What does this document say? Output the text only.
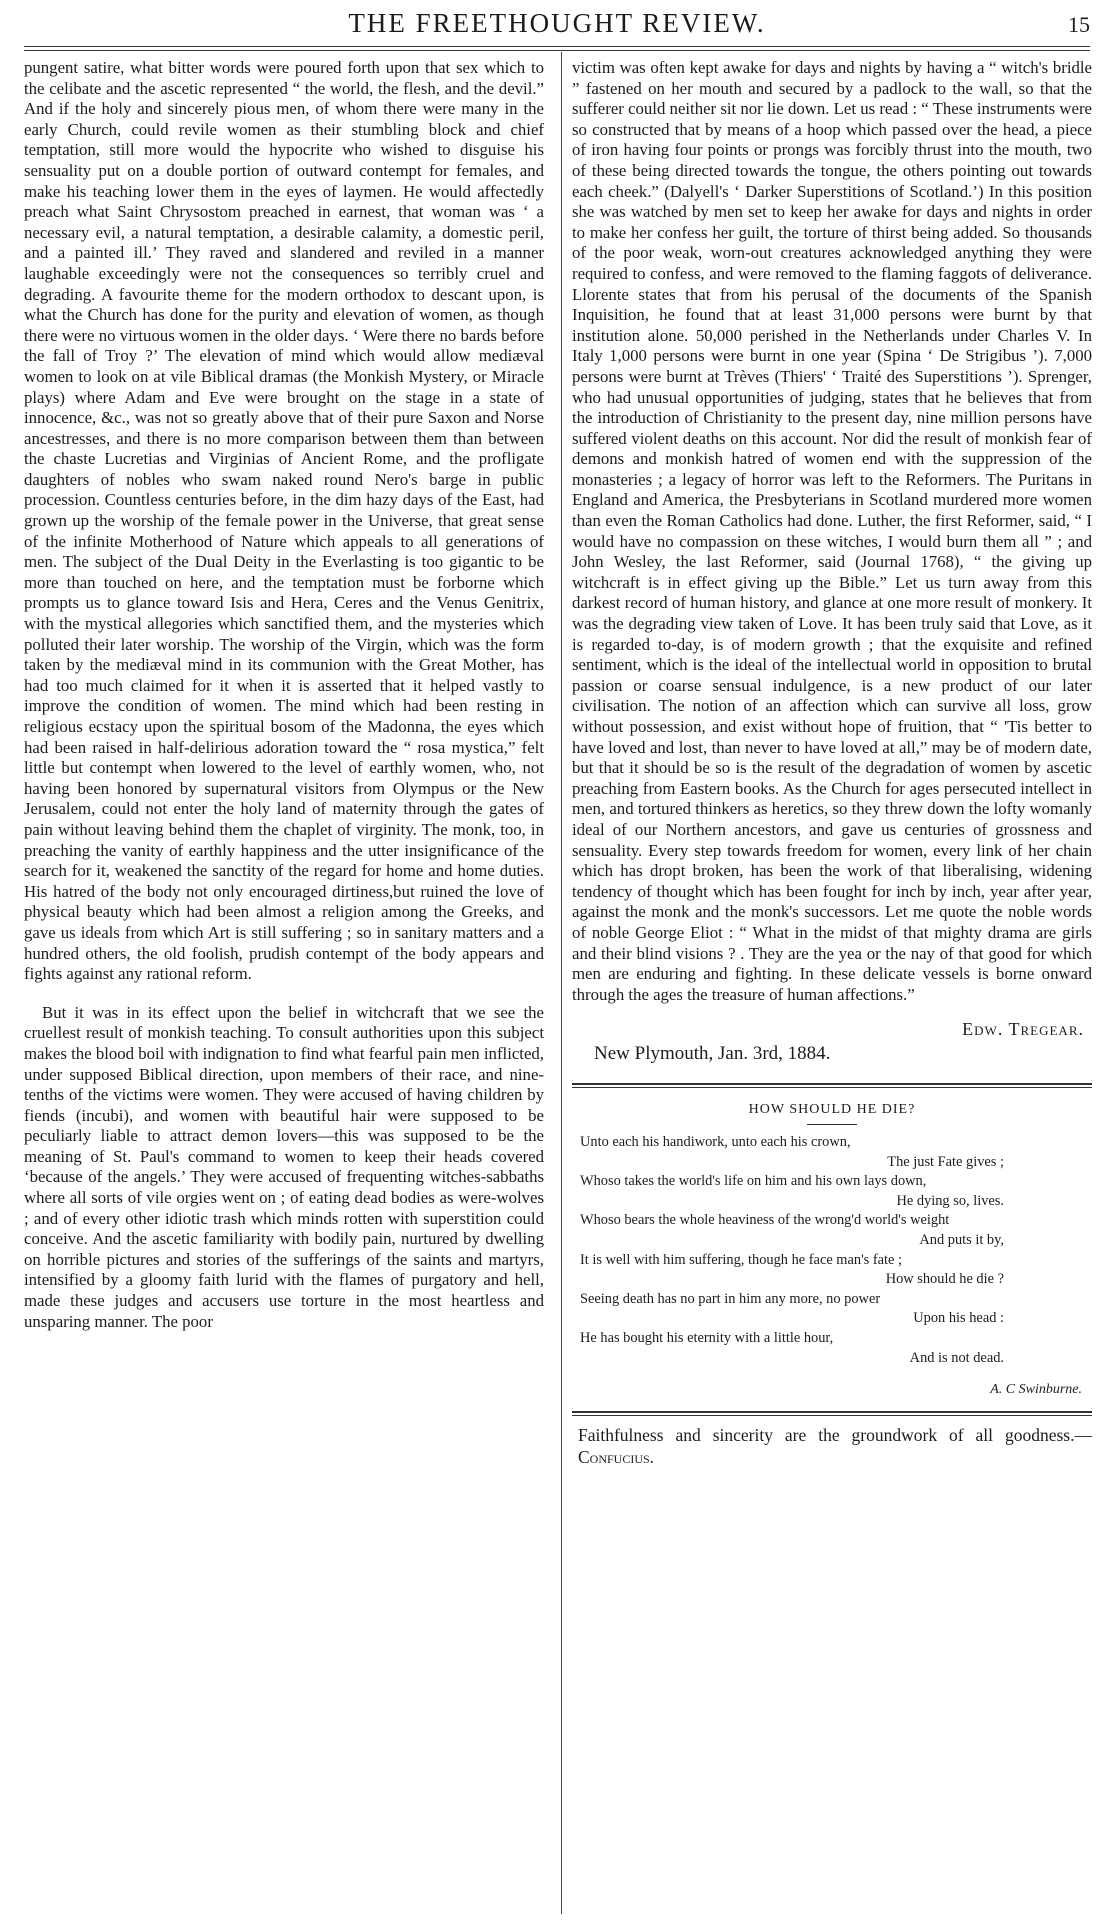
THE FREETHOUGHT REVIEW.	15

pungent satire, what bitter words were poured forth upon that sex which to the celibate and the ascetic represented “ the world, the flesh, and the devil.” And if the holy and sincerely pious men, of whom there were many in the early Church, could revile women as their stumbling block and chief temptation, still more would the hypocrite who wished to disguise his sensuality put on a double portion of outward contempt for females, and make his teaching lower them in the eyes of laymen. He would affectedly preach what Saint Chrysostom preached in earnest, that woman was ‘ a necessary evil, a natural temptation, a desirable calamity, a domestic peril, and a painted ill.’ They raved and slandered and reviled in a manner laughable exceedingly were not the consequences so terribly cruel and degrading. A favourite theme for the modern orthodox to descant upon, is what the Church has done for the purity and elevation of women, as though there were no virtuous women in the older days. ‘ Were there no bards before the fall of Troy ?’ The elevation of mind which would allow mediæval women to look on at vile Biblical dramas (the Monkish Mystery, or Miracle plays) where Adam and Eve were brought on the stage in a state of innocence, &c., was not so greatly above that of their pure Saxon and Norse ancestresses, and there is no more comparison between them than between the chaste Lucretias and Virginias of Ancient Rome, and the profligate daughters of nobles who swam naked round Nero's barge in public procession. Countless centuries before, in the dim hazy days of the East, had grown up the worship of the female power in the Universe, that great sense of the infinite Motherhood of Nature which appeals to all generations of men. The subject of the Dual Deity in the Everlasting is too gigantic to be more than touched on here, and the temptation must be forborne which prompts us to glance toward Isis and Hera, Ceres and the Venus Genitrix, with the mystical allegories which sanctified them, and the mysteries which polluted their later worship. The worship of the Virgin, which was the form taken by the mediæval mind in its communion with the Great Mother, has had too much claimed for it when it is asserted that it helped vastly to improve the condition of women. The mind which had been resting in religious ecstacy upon the spiritual bosom of the Madonna, the eyes which had been raised in half-delirious adoration toward the “ rosa mystica,” felt little but contempt when lowered to the level of earthly women, who, not having been honored by supernatural visitors from Olympus or the New Jerusalem, could not enter the holy land of maternity through the gates of pain without leaving behind them the chaplet of virginity. The monk, too, in preaching the vanity of earthly happiness and the utter insignificance of the search for it, weakened the sanctity of the regard for home and home duties. His hatred of the body not only encouraged dirtiness,but ruined the love of physical beauty which had been almost a religion among the Greeks, and gave us ideals from which Art is still suffering ; so in sanitary matters and a hundred others, the old foolish, prudish contempt of the body appears and fights against any rational reform.

But it was in its effect upon the belief in witchcraft that we see the cruellest result of monkish teaching. To consult authorities upon this subject makes the blood boil with indignation to find what fearful pain men inflicted, under supposed Biblical direction, upon members of their race, and nine-tenths of the victims were women. They were accused of having children by fiends (incubi), and women with beautiful hair were supposed to be peculiarly liable to attract demon lovers—this was supposed to be the meaning of St. Paul's command to women to keep their heads covered ‘because of the angels.’ They were accused of frequenting witches-sabbaths where all sorts of vile orgies went on ; of eating dead bodies as were-wolves ; and of every other idiotic trash which minds rotten with superstition could conceive. And the ascetic familiarity with bodily pain, nurtured by dwelling on horrible pictures and stories of the sufferings of the saints and martyrs, intensified by a gloomy faith lurid with the flames of purgatory and hell, made these judges and accusers use torture in the most heartless and unsparing manner. The poor

victim was often kept awake for days and nights by having a “ witch's bridle ” fastened on her mouth and secured by a padlock to the wall, so that the sufferer could neither sit nor lie down. Let us read : “ These instruments were so constructed that by means of a hoop which passed over the head, a piece of iron having four points or prongs was forcibly thrust into the mouth, two of these being directed towards the tongue, the others pointing out towards each cheek.” (Dalyell's ‘ Darker Superstitions of Scotland.’) In this position she was watched by men set to keep her awake for days and nights in order to make her confess her guilt, the torture of thirst being added. So thousands of the poor weak, worn-out creatures acknowledged anything they were required to confess, and were removed to the flaming faggots of deliverance. Llorente states that from his perusal of the documents of the Spanish Inquisition, he found that at least 31,000 persons were burnt by that institution alone. 50,000 perished in the Netherlands under Charles V. In Italy 1,000 persons were burnt in one year (Spina ‘ De Strigibus ’). 7,000 persons were burnt at Trèves (Thiers' ‘ Traité des Superstitions ’). Sprenger, who had unusual opportunities of judging, states that he believes that from the introduction of Christianity to the present day, nine million persons have suffered violent deaths on this account. Nor did the result of monkish fear of demons and monkish hatred of women end with the suppression of the monasteries ; a legacy of horror was left to the Reformers. The Puritans in England and America, the Presbyterians in Scotland murdered more women than even the Roman Catholics had done. Luther, the first Reformer, said, “ I would have no compassion on these witches, I would burn them all ” ; and John Wesley, the last Reformer, said (Journal 1768), “ the giving up witchcraft is in effect giving up the Bible.” Let us turn away from this darkest record of human history, and glance at one more result of monkery. It was the degrading view taken of Love. It has been truly said that Love, as it is regarded to-day, is of modern growth ; that the exquisite and refined sentiment, which is the ideal of the intellectual world in opposition to brutal passion or coarse sensual indulgence, is a new product of our later civilisation. The notion of an affection which can survive all loss, grow without possession, and exist without hope of fruition, that “ 'Tis better to have loved and lost, than never to have loved at all,” may be of modern date, but that it should be so is the result of the degradation of women by ascetic preaching from Eastern books. As the Church for ages persecuted intellect in men, and tortured thinkers as heretics, so they threw down the lofty womanly ideal of our Northern ancestors, and gave us centuries of grossness and sensuality. Every step towards freedom for women, every link of her chain which has dropt broken, has been the work of that liberalising, widening tendency of thought which has been fought for inch by inch, year after year, against the monk and the monk's successors. Let me quote the noble words of noble George Eliot : “ What in the midst of that mighty drama are girls and their blind visions ? . They are the yea or the nay of that good for which men are enduring and fighting. In these delicate vessels is borne onward through the ages the treasure of human affections.”

Edw. Tregear.
New Plymouth, Jan. 3rd, 1884.
HOW SHOULD HE DIE?
Unto each his handiwork, unto each his crown,
The just Fate gives ;
Whoso takes the world's life on him and his own lays down,
He dying so, lives.
Whoso bears the whole heaviness of the wrong'd world's weight
And puts it by,
It is well with him suffering, though he face man's fate ;
How should he die ?
Seeing death has no part in him any more, no power
Upon his head :
He has bought his eternity with a little hour,
And is not dead.
A. C Swinburne.
Faithfulness and sincerity are the groundwork of all goodness.—Confucius.
